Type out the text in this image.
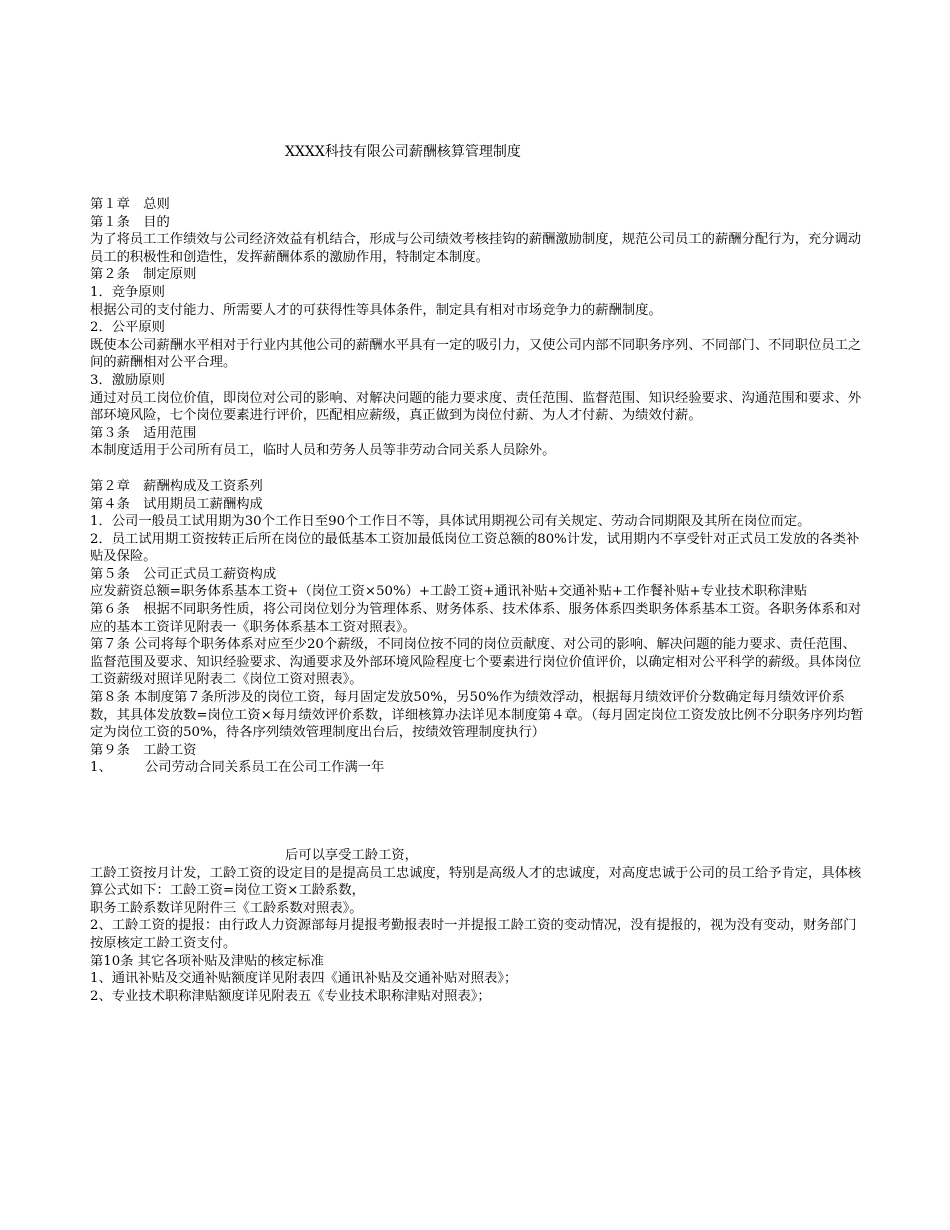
XXXX科技有限公司薪酬核算管理制度

第１章　总则

第１条　目的

为了将员工工作绩效与公司经济效益有机结合，形成与公司绩效考核挂钩的薪酬激励制度，规范公司员工的薪酬分配行为，充分调动员工的积极性和创造性，发挥薪酬体系的激励作用，特制定本制度。

第２条　制定原则

1．竞争原则

根据公司的支付能力、所需要人才的可获得性等具体条件，制定具有相对市场竞争力的薪酬制度。

2．公平原则

既使本公司薪酬水平相对于行业内其他公司的薪酬水平具有一定的吸引力，又使公司内部不同职务序列、不同部门、不同职位员工之间的薪酬相对公平合理。

3．激励原则

通过对员工岗位价值，即岗位对公司的影响、对解决问题的能力要求度、责任范围、监督范围、知识经验要求、沟通范围和要求、外部环境风险，七个岗位要素进行评价，匹配相应薪级，真正做到为岗位付薪、为人才付薪、为绩效付薪。

第３条　适用范围

本制度适用于公司所有员工，临时人员和劳务人员等非劳动合同关系人员除外。

第２章　薪酬构成及工资系列

第４条　试用期员工薪酬构成

1．公司一般员工试用期为30个工作日至90个工作日不等，具体试用期视公司有关规定、劳动合同期限及其所在岗位而定。

2．员工试用期工资按转正后所在岗位的最低基本工资加最低岗位工资总额的80%计发，试用期内不享受针对正式员工发放的各类补贴及保险。

第５条　公司正式员工薪资构成

应发薪资总额=职务体系基本工资+（岗位工资×50%）+工龄工资+通讯补贴+交通补贴+工作餐补贴+专业技术职称津贴

第６条　根据不同职务性质，将公司岗位划分为管理体系、财务体系、技术体系、服务体系四类职务体系基本工资。各职务体系和对应的基本工资详见附表一《职务体系基本工资对照表》。

第７条 公司将每个职务体系对应至少20个薪级，不同岗位按不同的岗位贡献度、对公司的影响、解决问题的能力要求、责任范围、监督范围及要求、知识经验要求、沟通要求及外部环境风险程度七个要素进行岗位价值评价，以确定相对公平科学的薪级。具体岗位工资薪级对照详见附表二《岗位工资对照表》。

第８条 本制度第７条所涉及的岗位工资，每月固定发放50%，另50%作为绩效浮动，根据每月绩效评价分数确定每月绩效评价系数，其具体发放数=岗位工资×每月绩效评价系数，详细核算办法详见本制度第４章。（每月固定岗位工资发放比例不分职务序列均暂定为岗位工资的50%，待各序列绩效管理制度出台后，按绩效管理制度执行）

第９条　工龄工资

1、 公司劳动合同关系员工在公司工作满一年

后可以享受工龄工资，

工龄工资按月计发，工龄工资的设定目的是提高员工忠诚度，特别是高级人才的忠诚度，对高度忠诚于公司的员工给予肯定，具体核算公式如下：工龄工资=岗位工资×工龄系数，

职务工龄系数详见附件三《工龄系数对照表》。

2、工龄工资的提报：由行政人力资源部每月提报考勤报表时一并提报工龄工资的变动情况，没有提报的，视为没有变动，财务部门按原核定工龄工资支付。

第10条 其它各项补贴及津贴的核定标准

1、通讯补贴及交通补贴额度详见附表四《通讯补贴及交通补贴对照表》；

2、专业技术职称津贴额度详见附表五《专业技术职称津贴对照表》；
